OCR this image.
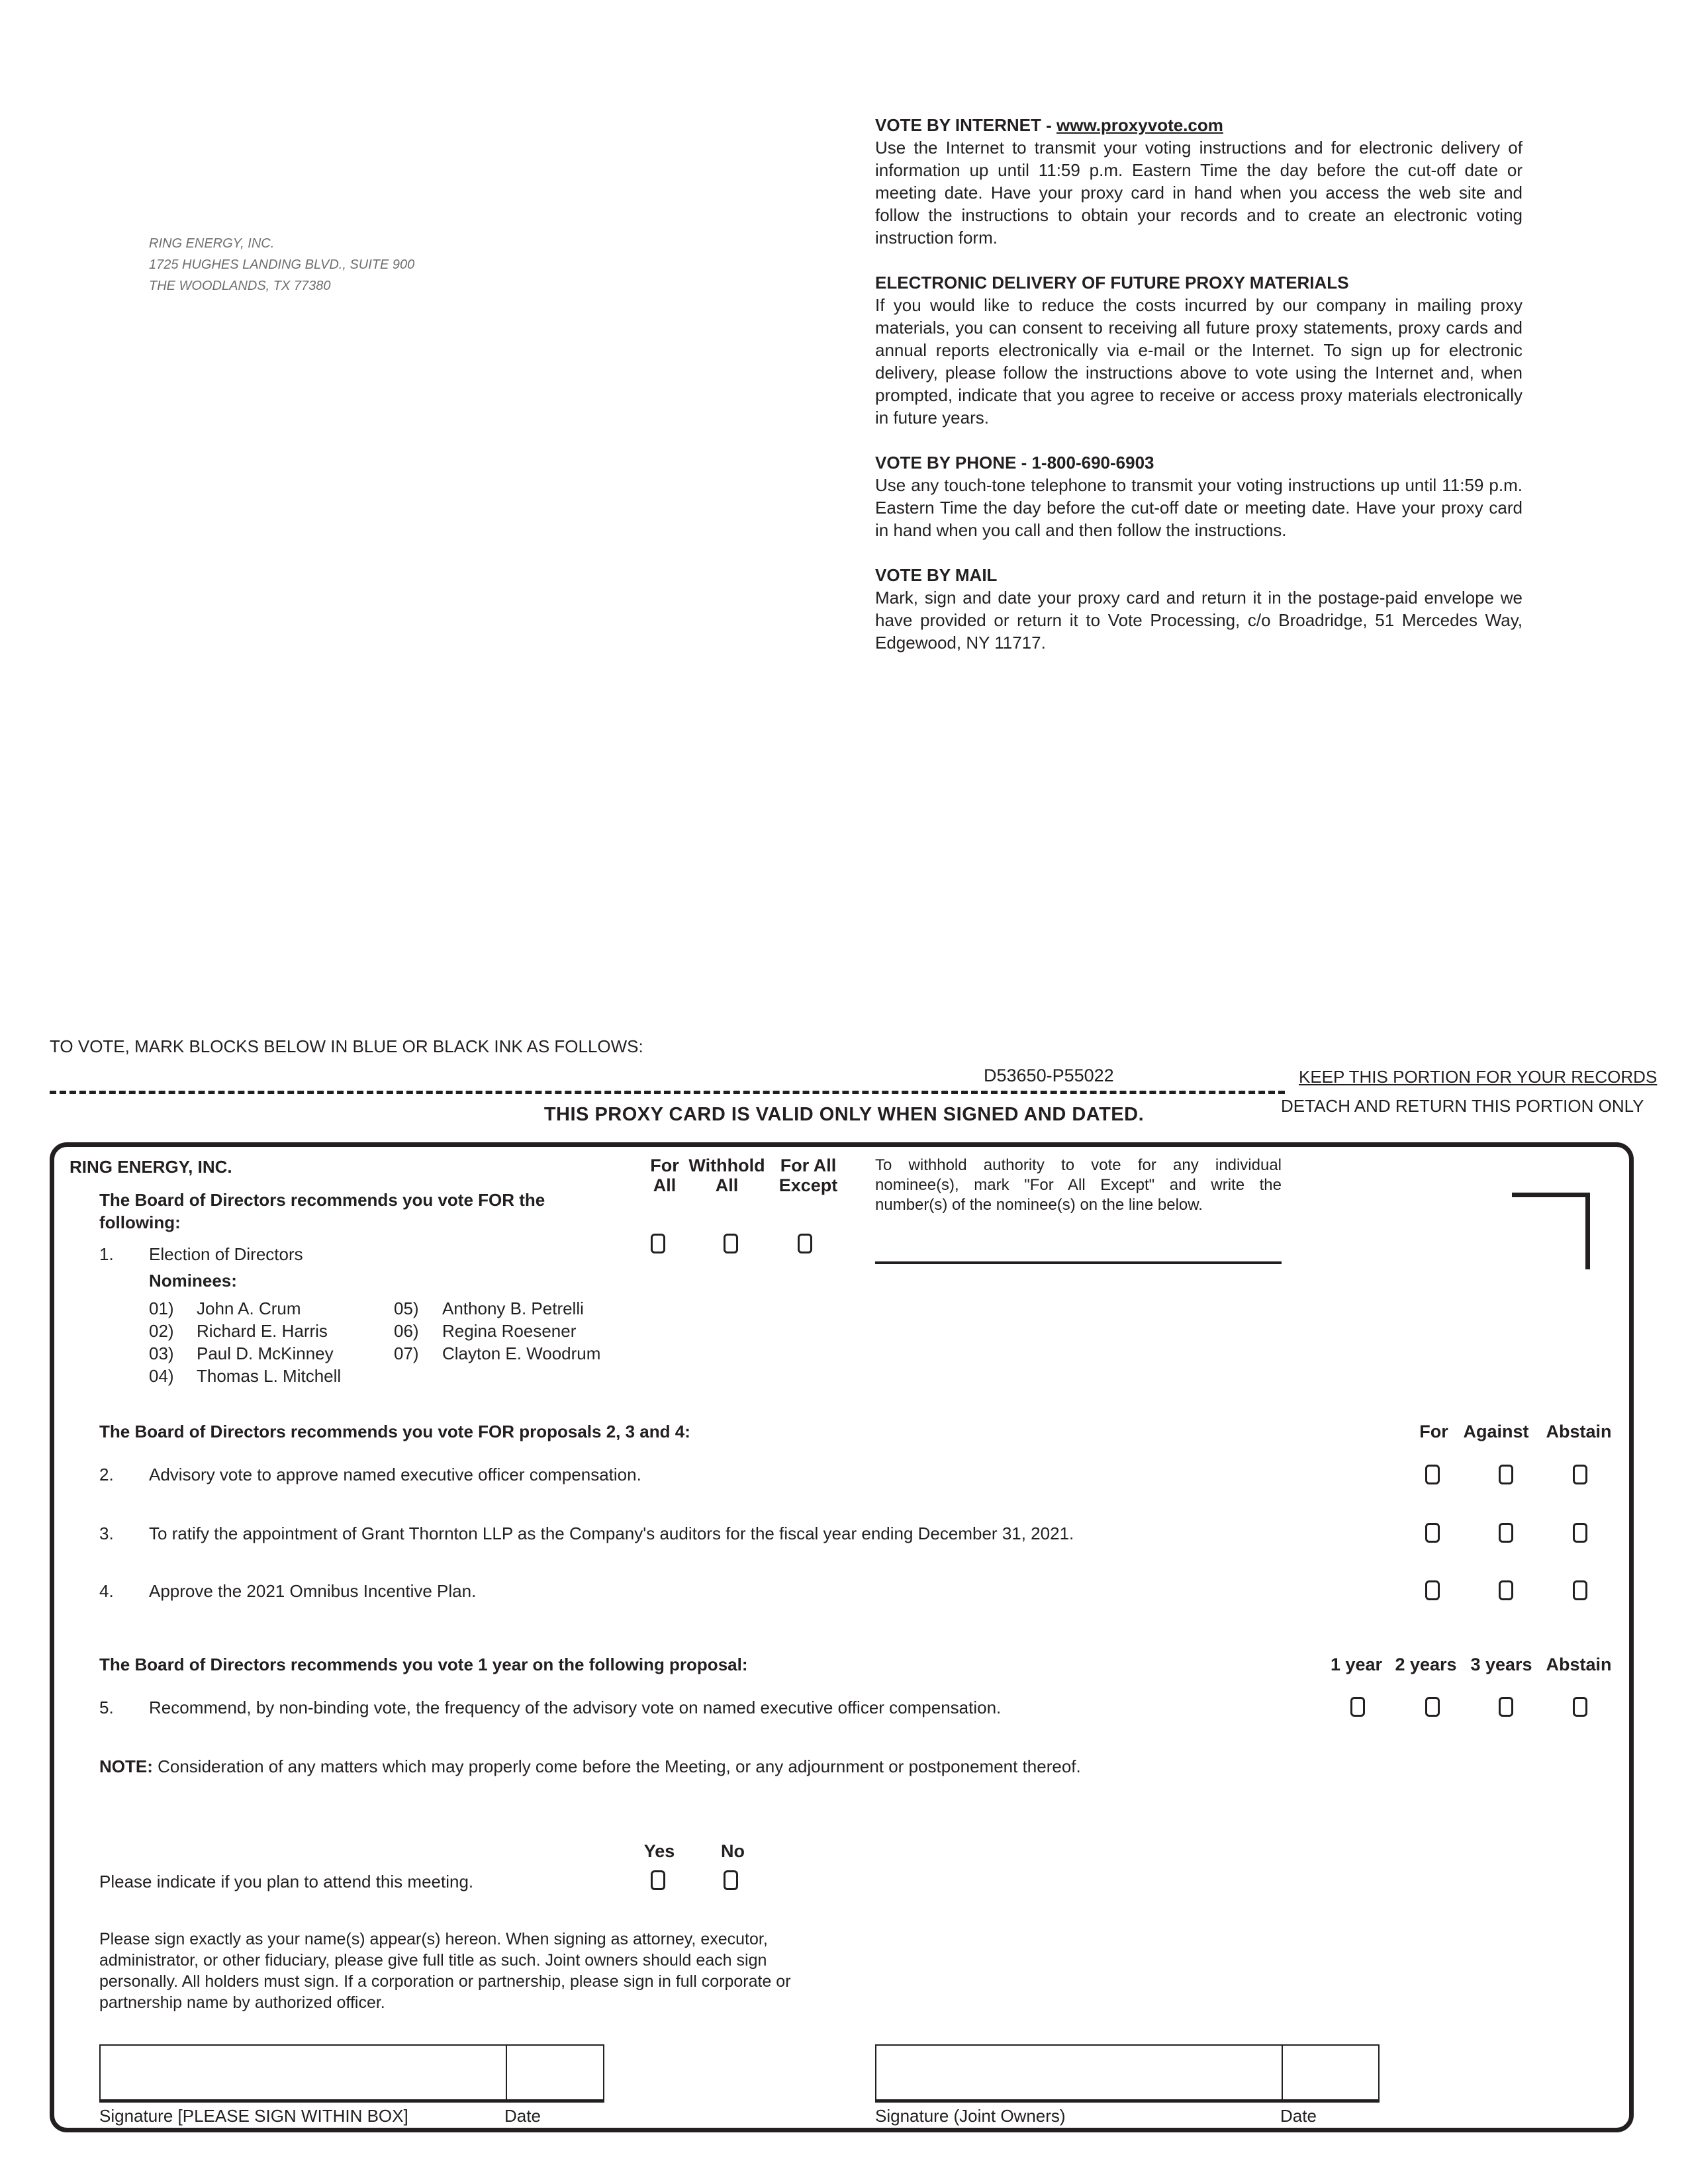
RING ENERGY, INC.
1725 HUGHES LANDING BLVD., SUITE 900
THE WOODLANDS, TX 77380

VOTE BY INTERNET - www.proxyvote.com
Use the Internet to transmit your voting instructions and for electronic delivery of information up until 11:59 p.m. Eastern Time the day before the cut-off date or meeting date. Have your proxy card in hand when you access the web site and follow the instructions to obtain your records and to create an electronic voting instruction form.

ELECTRONIC DELIVERY OF FUTURE PROXY MATERIALS
If you would like to reduce the costs incurred by our company in mailing proxy materials, you can consent to receiving all future proxy statements, proxy cards and annual reports electronically via e-mail or the Internet. To sign up for electronic delivery, please follow the instructions above to vote using the Internet and, when prompted, indicate that you agree to receive or access proxy materials electronically in future years.

VOTE BY PHONE - 1-800-690-6903
Use any touch-tone telephone to transmit your voting instructions up until 11:59 p.m. Eastern Time the day before the cut-off date or meeting date. Have your proxy card in hand when you call and then follow the instructions.

VOTE BY MAIL
Mark, sign and date your proxy card and return it in the postage-paid envelope we have provided or return it to Vote Processing, c/o Broadridge, 51 Mercedes Way, Edgewood, NY 11717.

TO VOTE, MARK BLOCKS BELOW IN BLUE OR BLACK INK AS FOLLOWS:
D53650-P55022	KEEP THIS PORTION FOR YOUR RECORDS
DETACH AND RETURN THIS PORTION ONLY
THIS PROXY CARD IS VALID ONLY WHEN SIGNED AND DATED.
RING ENERGY, INC.
The Board of Directors recommends you vote FOR the following:
For All
Withhold All
For All Except
To withhold authority to vote for any individual nominee(s), mark "For All Except" and write the number(s) of the nominee(s) on the line below.
1. Election of Directors
Nominees:
01) John A. Crum
02) Richard E. Harris
03) Paul D. McKinney
04) Thomas L. Mitchell
05) Anthony B. Petrelli
06) Regina Roesener
07) Clayton E. Woodrum
The Board of Directors recommends you vote FOR proposals 2, 3 and 4:	For Against Abstain
2. Advisory vote to approve named executive officer compensation.
3. To ratify the appointment of Grant Thornton LLP as the Company's auditors for the fiscal year ending December 31, 2021.
4. Approve the 2021 Omnibus Incentive Plan.
The Board of Directors recommends you vote 1 year on the following proposal:	1 year 2 years 3 years Abstain
5. Recommend, by non-binding vote, the frequency of the advisory vote on named executive officer compensation.
NOTE: Consideration of any matters which may properly come before the Meeting, or any adjournment or postponement thereof.
Yes	No
Please indicate if you plan to attend this meeting.
Please sign exactly as your name(s) appear(s) hereon. When signing as attorney, executor, administrator, or other fiduciary, please give full title as such. Joint owners should each sign personally. All holders must sign. If a corporation or partnership, please sign in full corporate or partnership name by authorized officer.
Signature [PLEASE SIGN WITHIN BOX]	Date	Signature (Joint Owners)	Date
